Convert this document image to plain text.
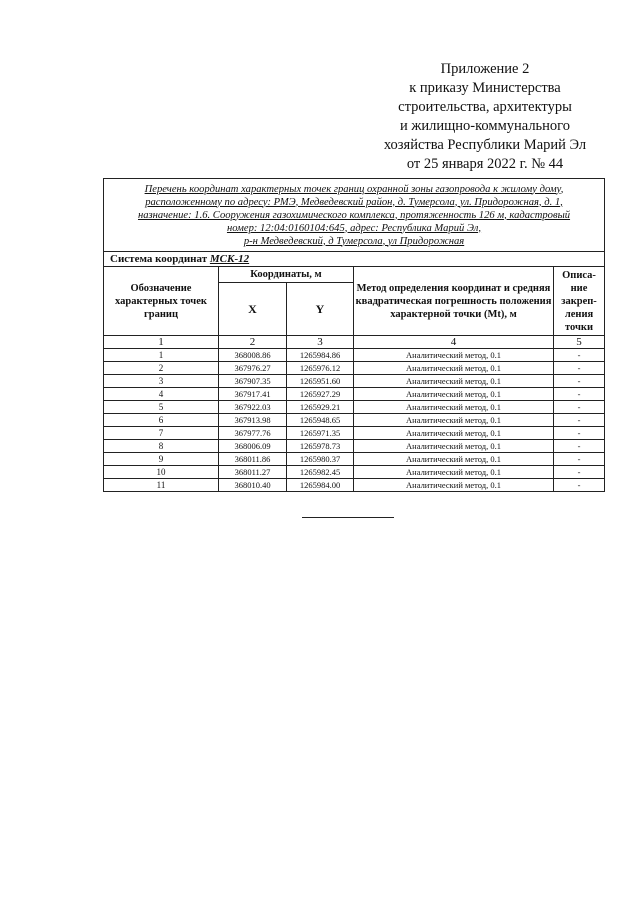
Приложение 2
к приказу Министерства
строительства, архитектуры
и жилищно-коммунального
хозяйства Республики Марий Эл
от 25 января 2022 г. № 44
Перечень координат характерных точек границ охранной зоны газопровода к жилому дому,
расположенному по адресу: РМЭ, Медведевский район, д. Тумерсола, ул. Придорожная, д. 1,
назначение: 1.6. Сооружения газохимического комплекса, протяженность 126 м, кадастровый
номер: 12:04:0160104:645, адрес: Республика Марий Эл,
р-н Медведевский, д Тумерсола, ул Придорожная				

Система координат МСК-12				
Обозначение характерных точек границ	Координаты, м		Метод определения координат и средняя квадратическая погрешность положения характерной точки (Mt), м	Описа-ние закреп-ления точки
	X	Y		
1	2	3	4	5
1	368008.86	1265984.86	Аналитический метод, 0.1	-
2	367976.27	1265976.12	Аналитический метод, 0.1	-
3	367907.35	1265951.60	Аналитический метод, 0.1	-
4	367917.41	1265927.29	Аналитический метод, 0.1	-
5	367922.03	1265929.21	Аналитический метод, 0.1	-
6	367913.98	1265948.65	Аналитический метод, 0.1	-
7	367977.76	1265971.35	Аналитический метод, 0.1	-
8	368006.09	1265978.73	Аналитический метод, 0.1	-
9	368011.86	1265980.37	Аналитический метод, 0.1	-
10	368011.27	1265982.45	Аналитический метод, 0.1	-
11	368010.40	1265984.00	Аналитический метод, 0.1	-
